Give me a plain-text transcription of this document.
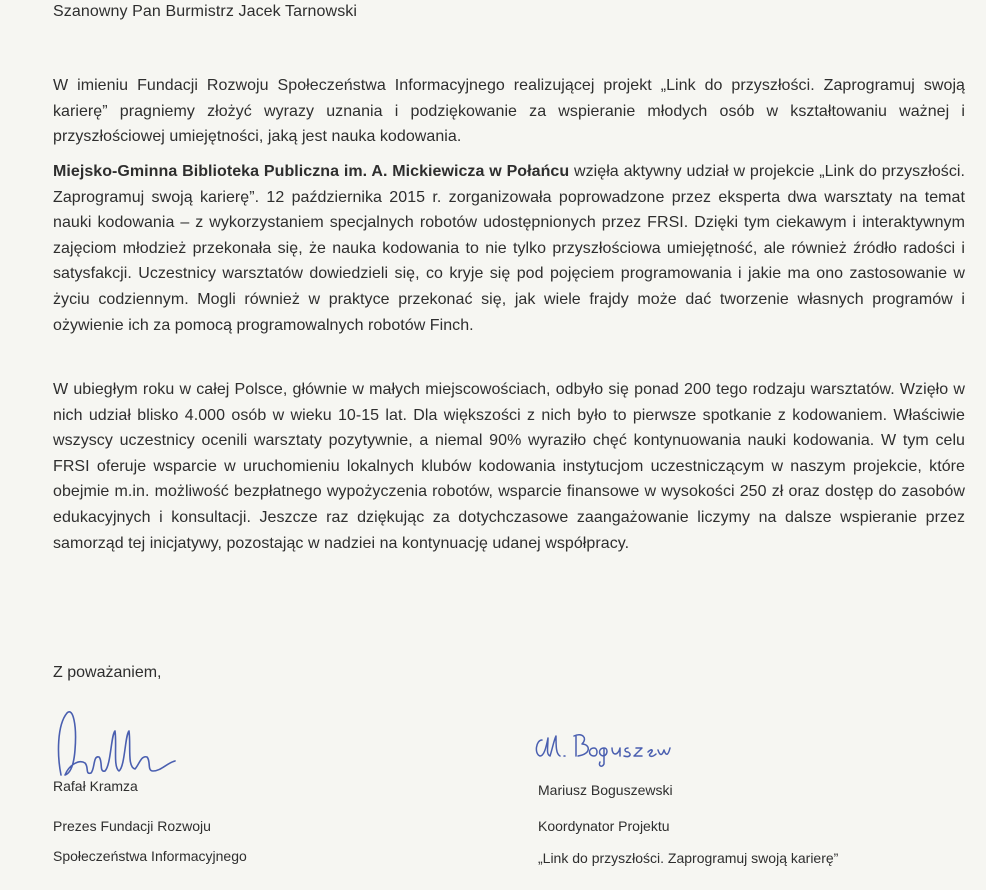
Szanowny Pan Burmistrz Jacek Tarnowski

W imieniu Fundacji Rozwoju Społeczeństwa Informacyjnego realizującej projekt „Link do przyszłości. Zaprogramuj swoją karierę” pragniemy złożyć wyrazy uznania i podziękowanie za wspieranie młodych osób w kształtowaniu ważnej i przyszłościowej umiejętności, jaką jest nauka kodowania.

Miejsko-Gminna Biblioteka Publiczna im. A. Mickiewicza w Połańcu wzięła aktywny udział w projekcie „Link do przyszłości. Zaprogramuj swoją karierę”. 12 października 2015 r. zorganizowała poprowadzone przez eksperta dwa warsztaty na temat nauki kodowania – z wykorzystaniem specjalnych robotów udostępnionych przez FRSI. Dzięki tym ciekawym i interaktywnym zajęciom młodzież przekonała się, że nauka kodowania to nie tylko przyszłościowa umiejętność, ale również źródło radości i satysfakcji. Uczestnicy warsztatów dowiedzieli się, co kryje się pod pojęciem programowania i jakie ma ono zastosowanie w życiu codziennym. Mogli również w praktyce przekonać się, jak wiele frajdy może dać tworzenie własnych programów i ożywienie ich za pomocą programowalnych robotów Finch.

W ubiegłym roku w całej Polsce, głównie w małych miejscowościach, odbyło się ponad 200 tego rodzaju warsztatów. Wzięło w nich udział blisko 4.000 osób w wieku 10-15 lat. Dla większości z nich było to pierwsze spotkanie z kodowaniem. Właściwie wszyscy uczestnicy ocenili warsztaty pozytywnie, a niemal 90% wyraziło chęć kontynuowania nauki kodowania. W tym celu FRSI oferuje wsparcie w uruchomieniu lokalnych klubów kodowania instytucjom uczestniczącym w naszym projekcie, które obejmie m.in. możliwość bezpłatnego wypożyczenia robotów, wsparcie finansowe w wysokości 250 zł oraz dostęp do zasobów edukacyjnych i konsultacji. Jeszcze raz dziękując za dotychczasowe zaangażowanie liczymy na dalsze wspieranie przez samorząd tej inicjatywy, pozostając w nadziei na kontynuację udanej współpracy.

Z poważaniem,
Rafał Kramza
Prezes Fundacji Rozwoju
Społeczeństwa Informacyjnego
Mariusz Boguszewski
Koordynator Projektu
„Link do przyszłości. Zaprogramuj swoją karierę”
